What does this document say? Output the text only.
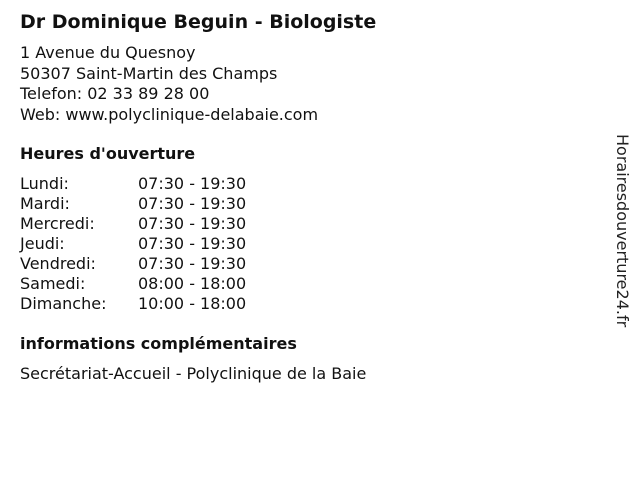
Dr Dominique Beguin - Biologiste
1 Avenue du Quesnoy
50307 Saint-Martin des Champs
Telefon: 02 33 89 28 00
Web: www.polyclinique-delabaie.com
Heures d'ouverture
Lundi:	07:30 - 19:30
Mardi:	07:30 - 19:30
Mercredi:	07:30 - 19:30
Jeudi:	07:30 - 19:30
Vendredi:	07:30 - 19:30
Samedi:	08:00 - 18:00
Dimanche: 10:00 - 18:00
informations complémentaires
Secrétariat-Accueil - Polyclinique de la Baie
Horairesdouverture24.fr
